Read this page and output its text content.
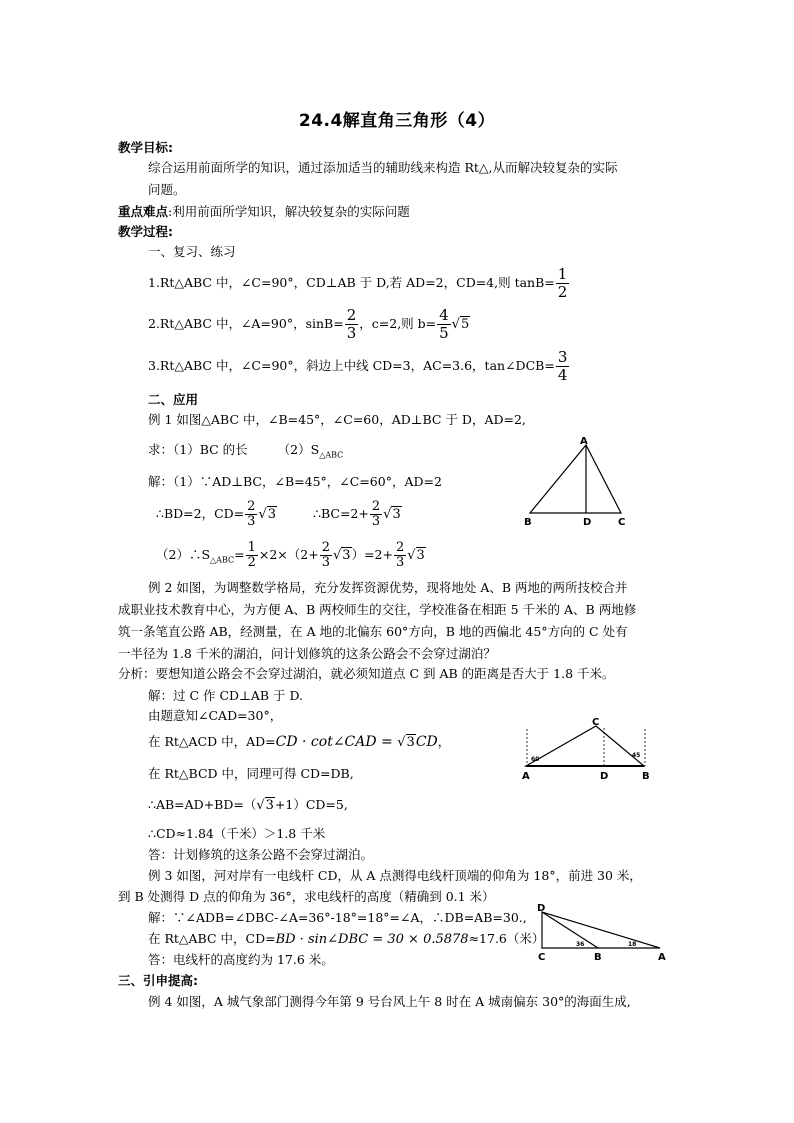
24.4解直角三角形（4）
教学目标:
综合运用前面所学的知识，通过添加适当的辅助线来构造 Rt△,从而解决较复杂的实际
问题。
重点难点:利用前面所学知识，解决较复杂的实际问题
教学过程:
一、复习、练习
1.Rt△ABC 中，∠C=90°，CD⊥AB 于 D,若 AD=2，CD=4,则 $\tan B= \frac{1}{2}$
2.Rt△ABC 中，∠A=90°，$\sin B= \frac{2}{3}$ ，c=2,则 $b= \frac{4}{5} √5$
3.Rt△ABC 中，∠C=90°，斜边上中线 CD=3，AC=3.6，tan∠DCB= $\frac{3}{4}$
二、应用
例 1 如图△ABC 中，∠B=45°，∠C=60，AD⊥BC 于 D，AD=2,
求：（1）BC 的长 $(2)S_{\triangle ABC}$
解：（1）∵AD⊥BC，∠B=45°，∠C=60°，AD=2
∴BD=2，$CD= \frac{2}{3} √3$	∴BC=2+ $\frac{2}{3} √3$
$(2)\therefore S_{\triangle ABC}= \frac{1}{2} \times 2\times(2+ \frac{2}{3} √3)=2+ \frac{2}{3} √3$
A
B	D	C
例 2 如图，为调整数学格局，充分发挥资源优势，现将地处 A、B 两地的两所技校合并
成职业技术教育中心，为方便 A、B 两校师生的交往，学校准备在相距 5 千米的 A、B 两地修
筑一条笔直公路 AB，经测量，在 A 地的北偏东 60°方向，B 地的西偏北 45°方向的 C 处有
一半径为 1.8 千米的湖泊，问计划修筑的这条公路会不会穿过湖泊？
分析：要想知道公路会不会穿过湖泊，就必须知道点 C 到 AB 的距离是否大于 1.8 千米。
解：过 C 作 CD⊥AB 于 D.
由题意知∠CAD=30°，
在 Rt△ACD 中，AD=CD · cot∠CAD = √3CD，
在 Rt△BCD 中，同理可得 CD=DB,
∴AB=AD+BD=（√3+1）CD=5,
∴CD≈1.84（千米）＞1.8 千米
答：计划修筑的这条公路不会穿过湖泊。
C
A	D	B
60
45
例 3 如图，河对岸有一电线杆 CD，从 A 点测得电线杆顶端的仰角为 18°，前进 30 米，
到 B 处测得 D 点的仰角为 36°，求电线杆的高度（精确到 0.1 米）
解：∵∠ADB=∠DBC-∠A=36°-18°=18°=∠A，∴DB=AB=30.,
在 Rt△ABC 中，CD=BD · sin∠DBC = 30 × 0.5878≈17.6（米）
答：电线杆的高度约为 17.6 米。
D
C	B	A
36	18
三、引申提高:
例 4 如图，A 城气象部门测得今年第 9 号台风上午 8 时在 A 城南偏东 30°的海面生成,
